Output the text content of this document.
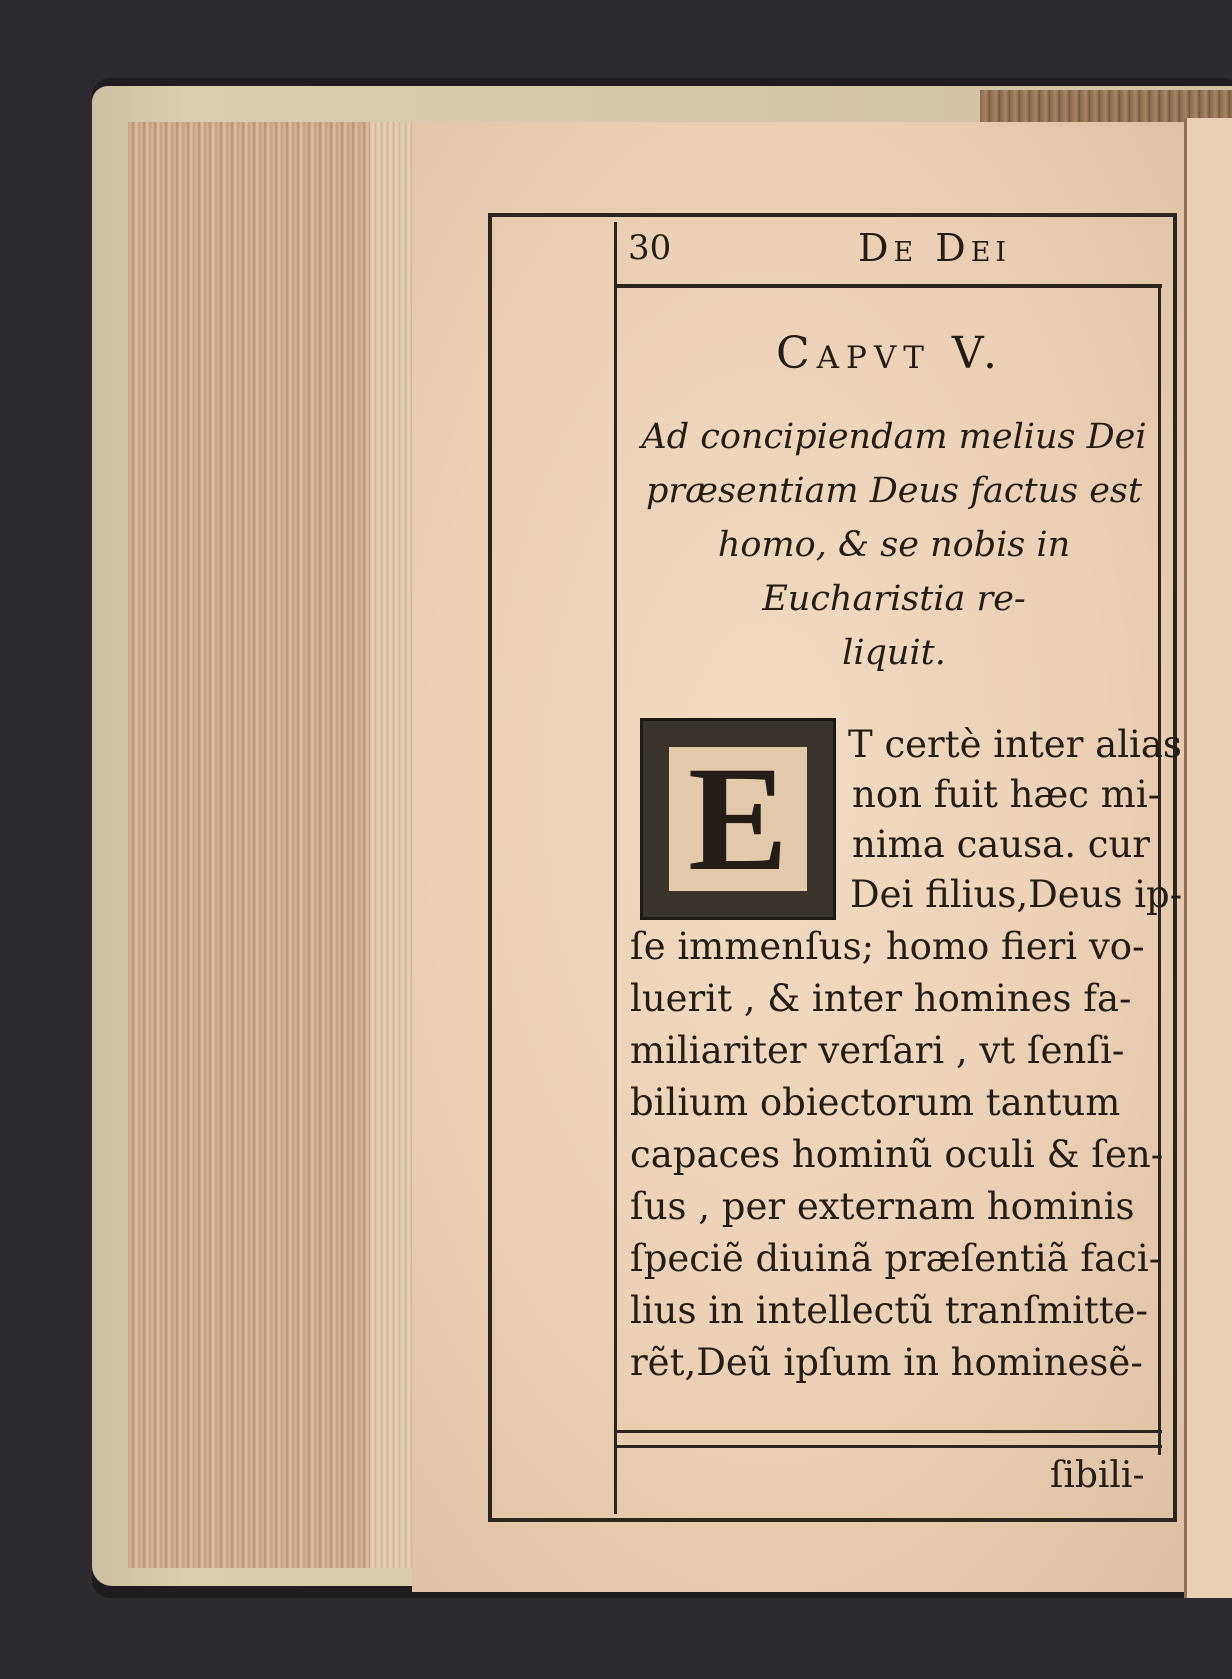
30	De Dei
Capvt V.
Ad concipiendam melius Dei
præsentiam Deus factus est
homo, & se nobis in
Eucharistia re-
liquit.
E	T certè inter alias
non fuit hæc mi-
nima causa. cur
Dei filius,Deus ip-
ſe immenſus; homo fieri vo-
luerit , & inter homines fa-
miliariter verſari , vt ſenſi-
bilium obiectorum tantum
capaces hominũ oculi & ſen-
ſus , per externam hominis
ſpeciẽ diuinã præſentiã faci-
lius in intellectũ tranſmitte-
rẽt,Deũ ipſum in hominesẽ-
ſibili-
